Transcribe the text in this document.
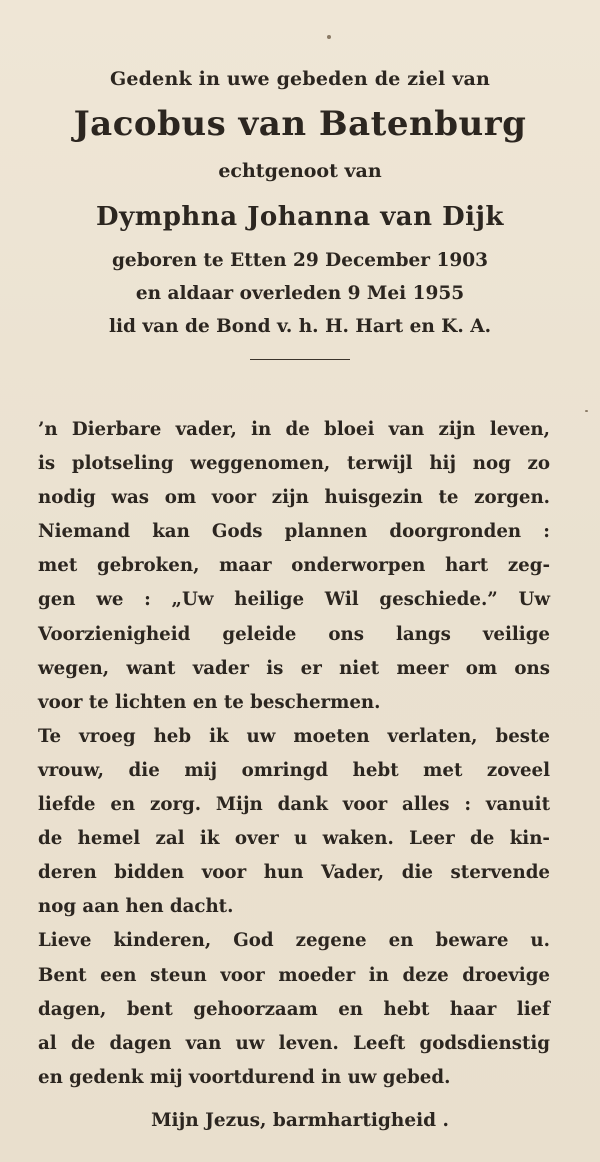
Gedenk in uwe gebeden de ziel van
Jacobus van Batenburg
echtgenoot van
Dymphna Johanna van Dijk
geboren te Etten 29 December 1903
en aldaar overleden 9 Mei 1955
lid van de Bond v. h. H. Hart en K. A.
’n Dierbare vader, in de bloei van zijn leven,
is plotseling weggenomen, terwijl hij nog zo
nodig was om voor zijn huisgezin te zorgen.
Niemand kan Gods plannen doorgronden :
met gebroken, maar onderworpen hart zeg-
gen we : „Uw heilige Wil geschiede.” Uw
Voorzienigheid geleide ons langs veilige
wegen, want vader is er niet meer om ons
voor te lichten en te beschermen.
Te vroeg heb ik uw moeten verlaten, beste
vrouw, die mij omringd hebt met zoveel
liefde en zorg. Mijn dank voor alles : vanuit
de hemel zal ik over u waken. Leer de kin-
deren bidden voor hun Vader, die stervende
nog aan hen dacht.
Lieve kinderen, God zegene en beware u.
Bent een steun voor moeder in deze droevige
dagen, bent gehoorzaam en hebt haar lief
al de dagen van uw leven. Leeft godsdienstig
en gedenk mij voortdurend in uw gebed.
Mijn Jezus, barmhartigheid .
